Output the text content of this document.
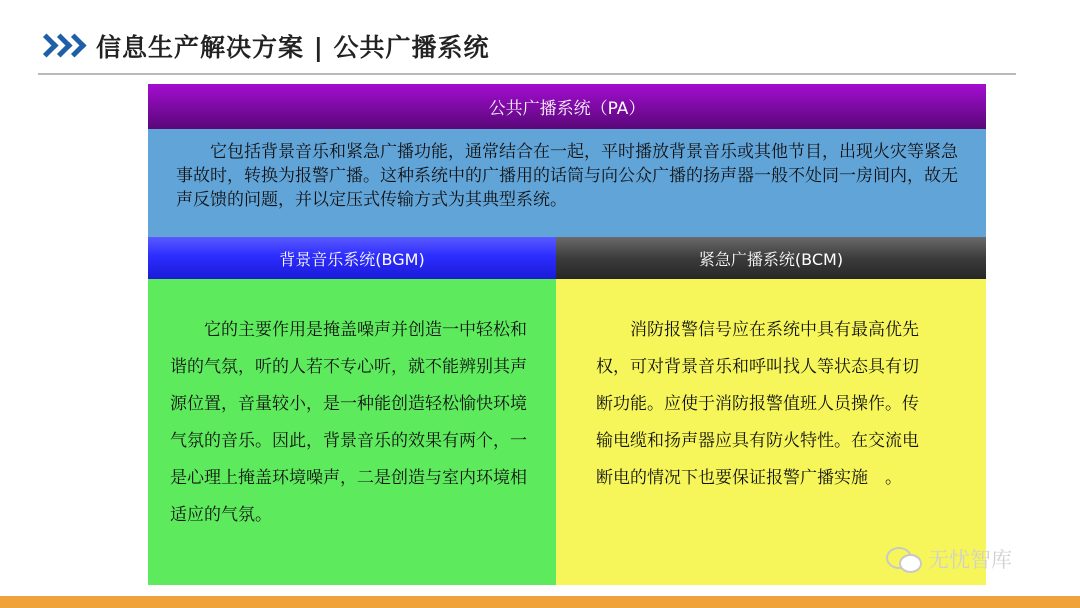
信息生产解决方案 | 公共广播系统
公共广播系统（PA）
它包括背景音乐和紧急广播功能，通常结合在一起，平时播放背景音乐或其他节目，出现火灾等紧急事故时，转换为报警广播。这种系统中的广播用的话筒与向公众广播的扬声器一般不处同一房间内，故无声反馈的问题，并以定压式传输方式为其典型系统。
背景音乐系统(BGM)	紧急广播系统(BCM)
它的主要作用是掩盖噪声并创造一中轻松和谐的气氛，听的人若不专心听，就不能辨别其声源位置，音量较小，是一种能创造轻松愉快环境气氛的音乐。因此，背景音乐的效果有两个，一是心理上掩盖环境噪声，二是创造与室内环境相适应的气氛。
消防报警信号应在系统中具有最高优先权，可对背景音乐和呼叫找人等状态具有切断功能。应使于消防报警值班人员操作。传输电缆和扬声器应具有防火特性。在交流电断电的情况下也要保证报警广播实施　。
无忧智库
